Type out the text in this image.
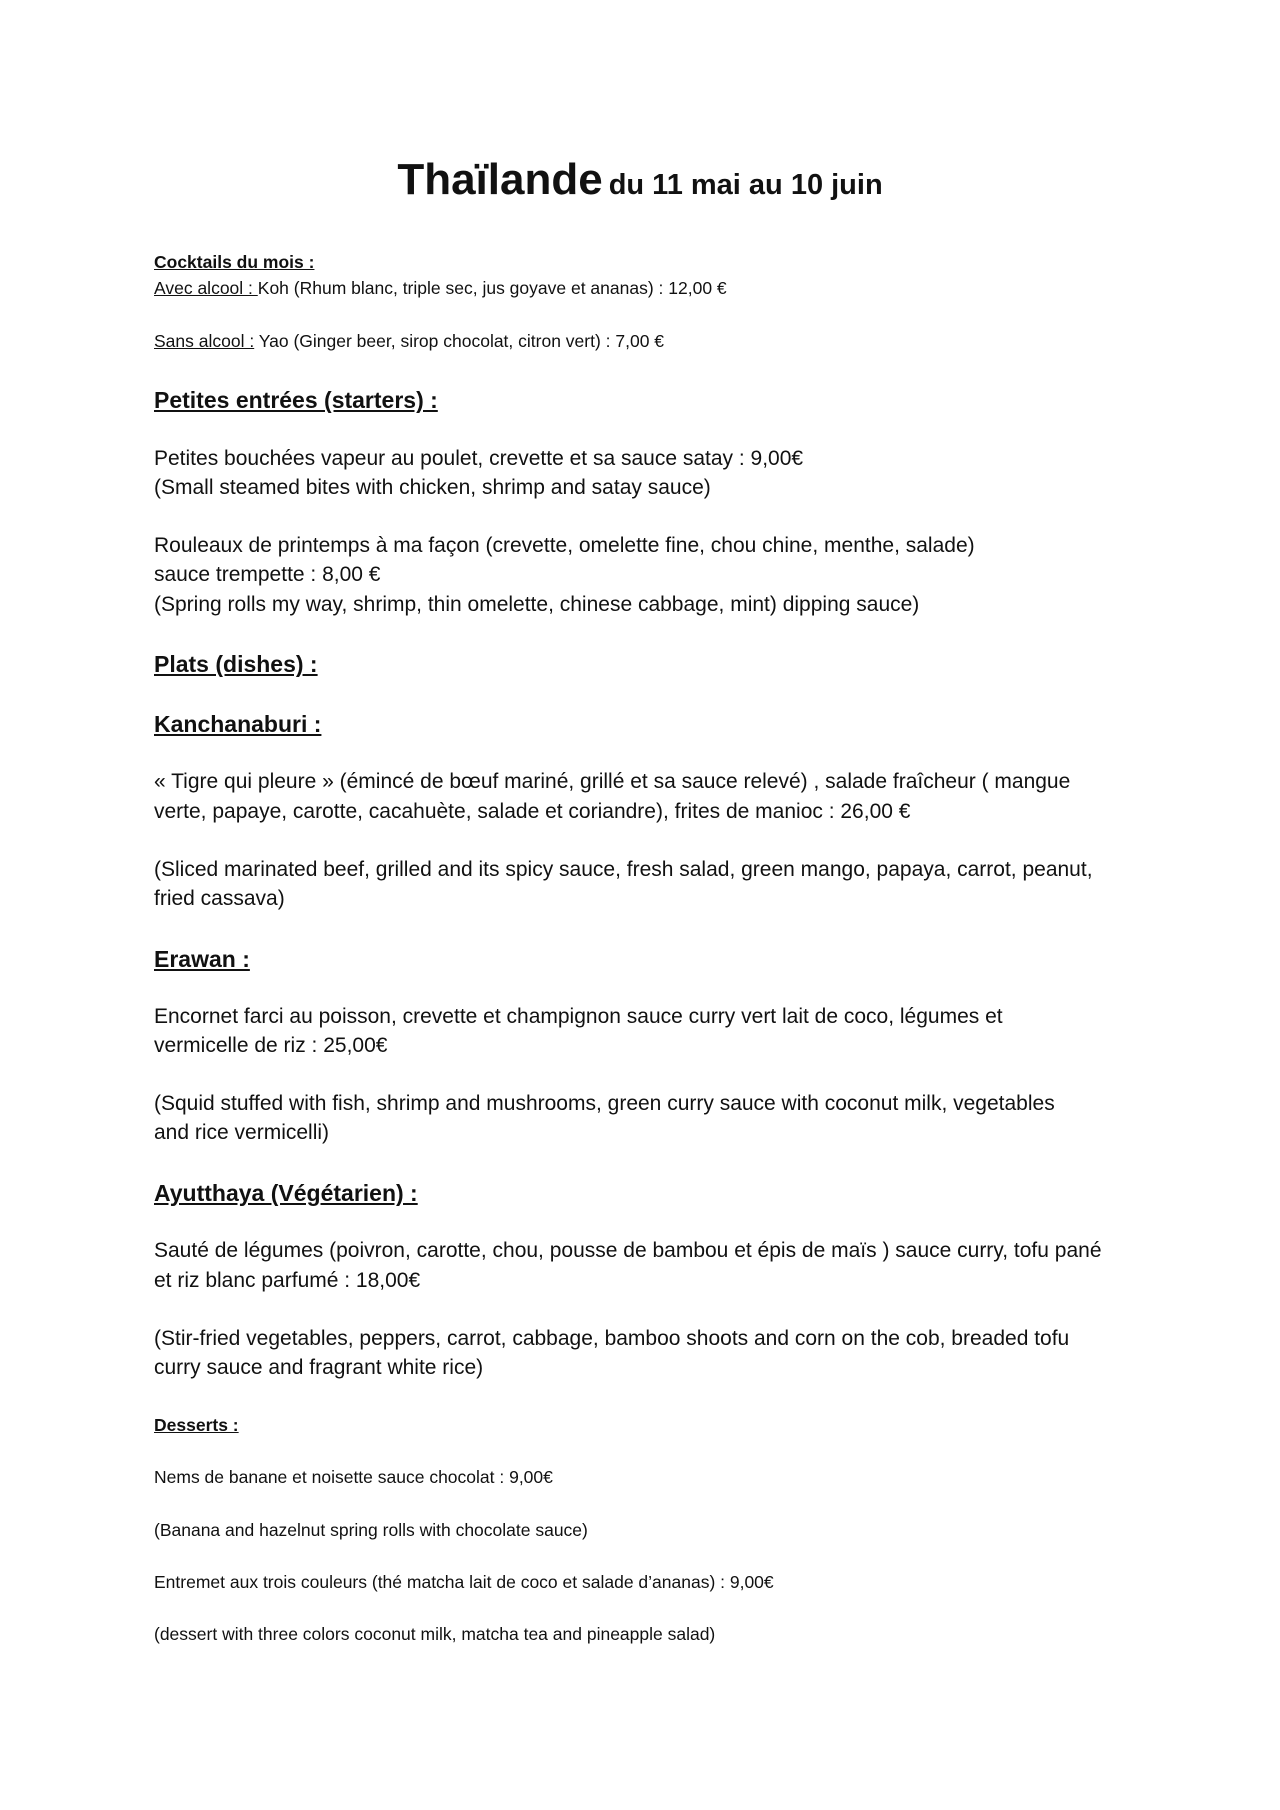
Thaïlande du 11 mai au 10 juin
Cocktails du mois :
Avec alcool : Koh (Rhum blanc, triple sec, jus goyave et ananas) : 12,00 €
Sans alcool : Yao (Ginger beer, sirop chocolat, citron vert) : 7,00 €
Petites entrées (starters) :
Petites bouchées vapeur au poulet, crevette et sa sauce satay : 9,00€
(Small steamed bites with chicken, shrimp and satay sauce)
Rouleaux de printemps à ma façon (crevette, omelette fine, chou chine, menthe, salade)
sauce trempette : 8,00 €
(Spring rolls my way, shrimp, thin omelette, chinese cabbage, mint) dipping sauce)
Plats (dishes) :
Kanchanaburi :
« Tigre qui pleure » (émincé de bœuf mariné, grillé et sa sauce relevé) , salade fraîcheur ( mangue
verte, papaye, carotte, cacahuète, salade et coriandre), frites de manioc : 26,00 €
(Sliced marinated beef, grilled and its spicy sauce, fresh salad, green mango, papaya, carrot, peanut,
fried cassava)
Erawan :
Encornet farci au poisson, crevette et champignon sauce curry vert lait de coco, légumes et
vermicelle de riz : 25,00€
(Squid stuffed with fish, shrimp and mushrooms, green curry sauce with coconut milk, vegetables
and rice vermicelli)
Ayutthaya (Végétarien) :
Sauté de légumes (poivron, carotte, chou, pousse de bambou et épis de maïs ) sauce curry, tofu pané
et riz blanc parfumé : 18,00€
(Stir-fried vegetables, peppers, carrot, cabbage, bamboo shoots and corn on the cob, breaded tofu
curry sauce and fragrant white rice)
Desserts :
Nems de banane et noisette sauce chocolat : 9,00€
(Banana and hazelnut spring rolls with chocolate sauce)
Entremet aux trois couleurs (thé matcha lait de coco et salade d’ananas) : 9,00€
(dessert with three colors coconut milk, matcha tea and pineapple salad)
